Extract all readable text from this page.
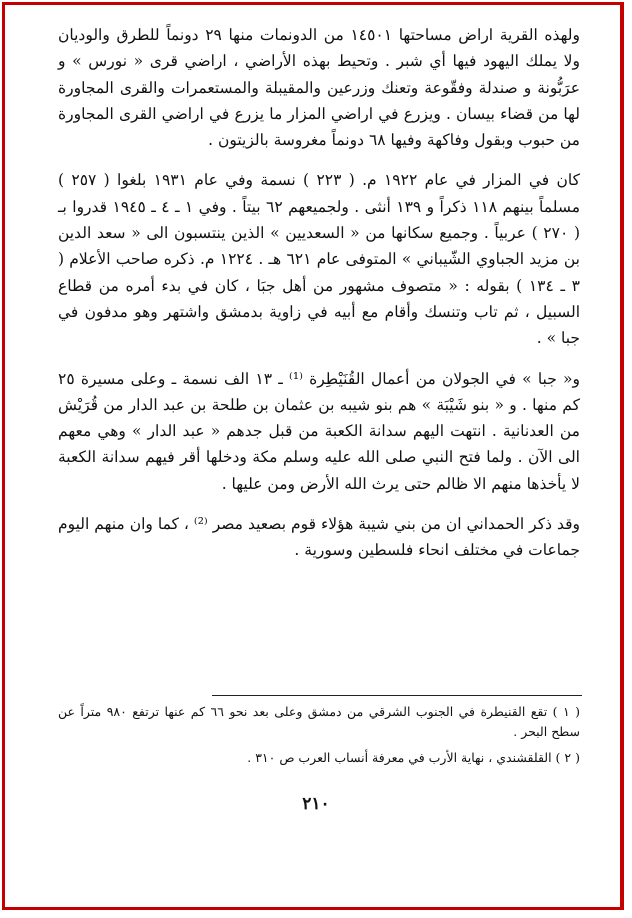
ولهذه القرية اراض مساحتها ١٤٥٠١ من الدونمات منها ٢٩ دونماً للطرق والوديان ولا يملك اليهود فيها أي شبر . وتحيط بهذه الأراضي ، اراضي قرى « نورس » و عرَبُّونة و صندلة وفقّوعة وتعنك وزرعين والمقيبلة والمستعمرات والقرى المجاورة لها من قضاء بيسان . ويزرع في اراضي المزار ما يزرع في اراضي القرى المجاورة من حبوب وبقول وفاكهة وفيها ٦٨ دونماً مغروسة بالزيتون .

كان في المزار في عام ١٩٢٢ م. ( ٢٢٣ ) نسمة وفي عام ١٩٣١ بلغوا ( ٢٥٧ ) مسلماً بينهم ١١٨ ذكراً و ١٣٩ أنثى . ولجميعهم ٦٢ بيتاً . وفي ١ ـ ٤ ـ ١٩٤٥ قدروا بـ ( ٢٧٠ ) عربياً . وجميع سكانها من « السعديين » الذين ينتسبون الى « سعد الدين بن مزيد الجباوي الشّيباني » المتوفى عام ٦٢١ هـ . ١٢٢٤ م. ذكره صاحب الأعلام ( ٣ ـ ١٣٤ ) بقوله : « متصوف مشهور من أهل جبَا ، كان في بدء أمره من قطاع السبيل ، ثم تاب وتنسك وأقام مع أبيه في زاوية بدمشق واشتهر وهو مدفون في جبا » .

و« جبا » في الجولان من أعمال القُنَيْطِرة ⁽¹⁾ ـ ١٣ الف نسمة ـ وعلى مسيرة ٢٥ كم منها . و « بنو شَيْبَة » هم بنو شيبه بن عثمان بن طلحة بن عبد الدار من قُرَيْش من العدنانية . انتهت اليهم سدانة الكعبة من قبل جدهم « عبد الدار » وهي معهم الى الآن . ولما فتح النبي صلى الله عليه وسلم مكة ودخلها أقر فيهم سدانة الكعبة لا يأخذها منهم الا ظالم حتى يرث الله الأرض ومن عليها .

وقد ذكر الحمداني ان من بني شيبة هؤلاء قوم بصعيد مصر ⁽²⁾ ، كما وان منهم اليوم جماعات في مختلف انحاء فلسطين وسورية .

( ١ ) تقع القنيطرة في الجنوب الشرقي من دمشق وعلى بعد نحو ٦٦ كم عنها ترتفع ٩٨٠ متراً عن سطح البحر .

( ٢ ) القلقشندي ، نهاية الأرب في معرفة أنساب العرب ص ٣١٠ .

٢١٠
